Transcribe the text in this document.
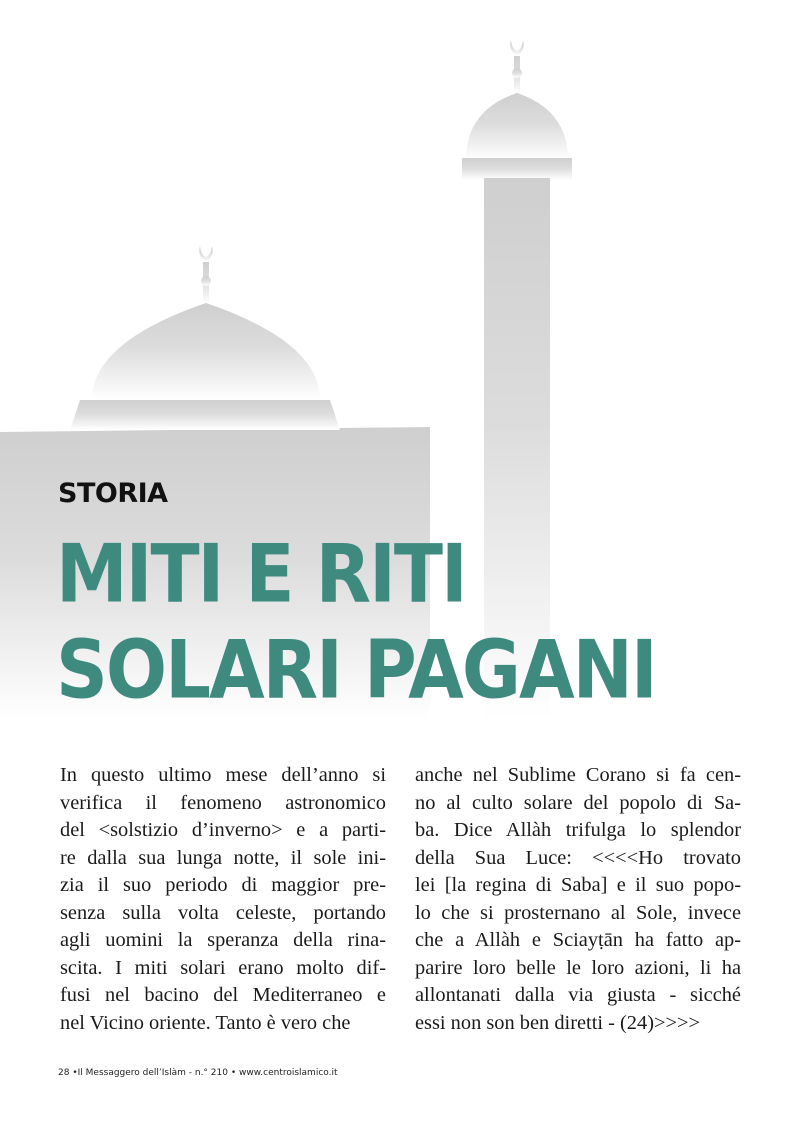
STORIA
MITI E RITI
SOLARI PAGANI

In questo ultimo mese dell’anno si

verifica il fenomeno astronomico

del <solstizio d’inverno> e a parti-

re dalla sua lunga notte, il sole ini-

zia il suo periodo di maggior pre-

senza sulla volta celeste, portando

agli uomini la speranza della rina-

scita. I miti solari erano molto dif-

fusi nel bacino del Mediterraneo e

nel Vicino oriente. Tanto è vero che

anche nel Sublime Corano si fa cen-

no al culto solare del popolo di Sa-

ba. Dice Allàh trifulga lo splendor

della Sua Luce: <<<<Ho trovato

lei [la regina di Saba] e il suo popo-

lo che si prosternano al Sole, invece

che a Allàh e Sciayṭān ha fatto ap-

parire loro belle le loro azioni, li ha

allontanati dalla via giusta - sicché

essi non son ben diretti - (24)>>>>

28 •Il Messaggero dell’Islàm - n.° 210 • www.centroislamico.it
